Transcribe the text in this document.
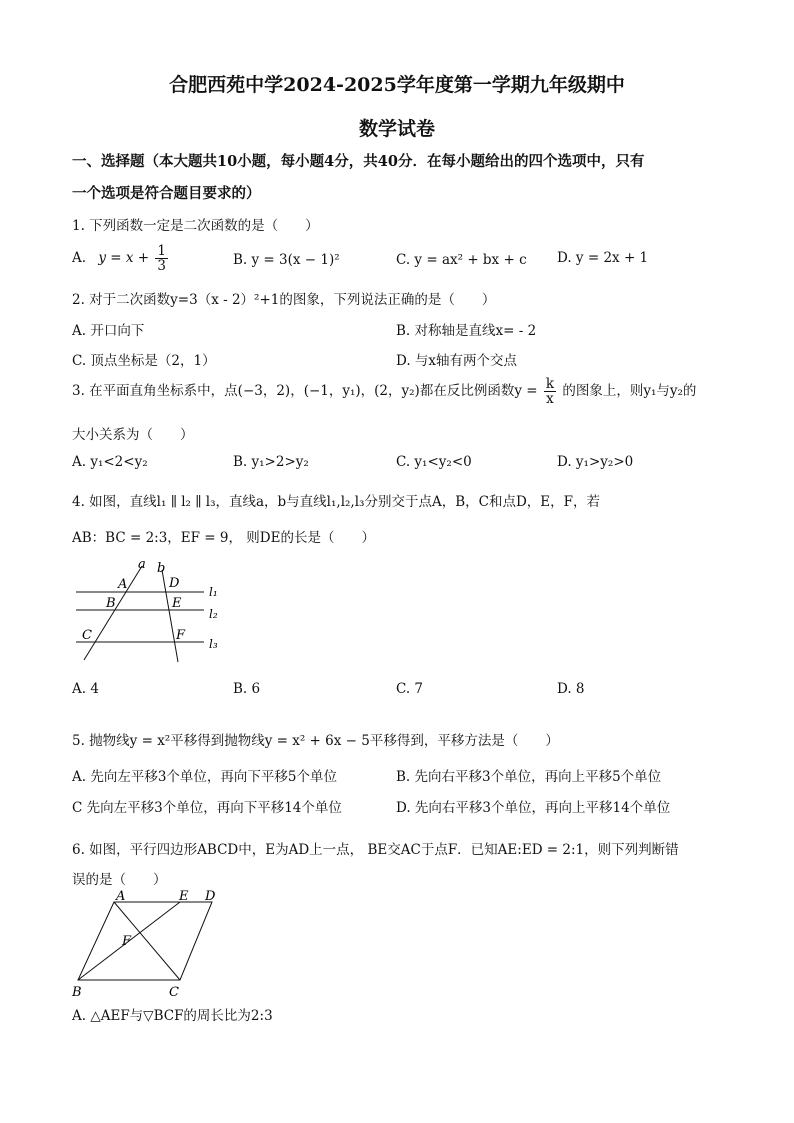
合肥西苑中学2024-2025学年度第一学期九年级期中
数学试卷
一、选择题（本大题共10小题，每小题4分，共40分．在每小题给出的四个选项中，只有
一个选项是符合题目要求的）
1. 下列函数一定是二次函数的是（　　）
A. $y = x + \frac{1}{3}$	B. y = 3(x − 1)²	C. y = ax² + bx + c D. y = 2x + 1
2. 对于二次函数y=3（x - 2）²+1的图象，下列说法正确的是（　　）
A. 开口向下	B. 对称轴是直线x= - 2
C. 顶点坐标是（2，1）	D. 与x轴有两个交点
3. 在平面直角坐标系中，点(−3，2)，(−1，y₁)，(2，y₂)都在反比例函数$y = \frac{k}{x}$ 的图象上，则y₁与y₂的
大小关系为（　　）
A. y₁<2<y₂	B. y₁>2>y₂	C. y₁<y₂<0	D. y₁>y₂>0
4. 如图，直线l₁ ∥ l₂ ∥ l₃，直线a，b与直线l₁,l₂,l₃分别交于点A，B，C和点D，E，F，若
AB：BC = 2:3，EF = 9， 则DE的长是（　　）
a b
A	D
B	E
C	F
l₁
l₂
l₃
A. 4	B. 6	C. 7	D. 8
5. 抛物线y = x²平移得到抛物线y = x² + 6x − 5平移得到，平移方法是（　　）
A. 先向左平移3个单位，再向下平移5个单位	B. 先向右平移3个单位，再向上平移5个单位
C 先向左平移3个单位，再向下平移14个单位	D. 先向右平移3个单位，再向上平移14个单位
6. 如图，平行四边形ABCD中，E为AD上一点， BE交AC于点F．已知AE:ED = 2:1，则下列判断错
误的是（　　）
A	E D
F
B	C
A. △AEF与▽BCF的周长比为2:3
